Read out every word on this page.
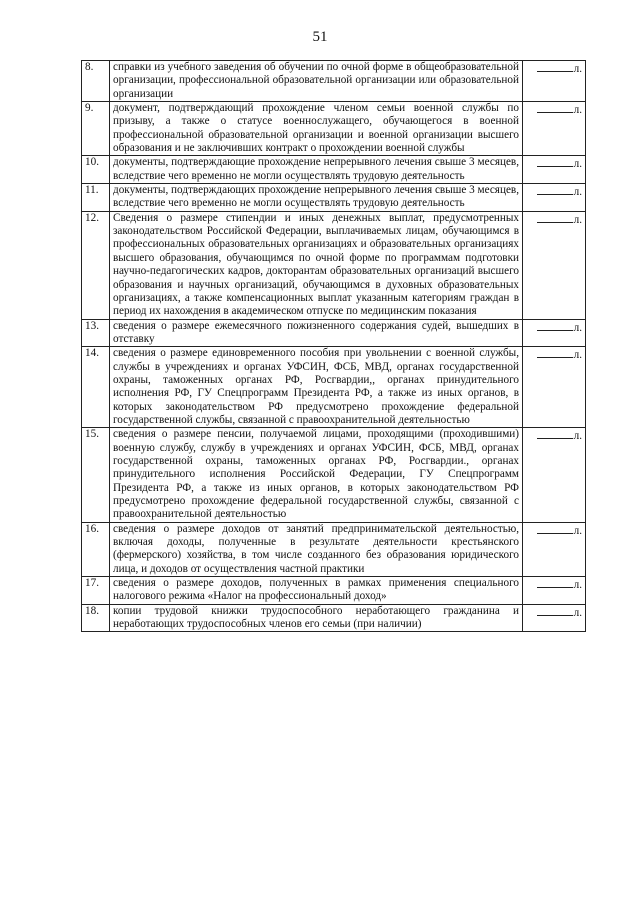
51
8.	справки из учебного заведения об обучении по очной форме в общеобразовательной организации, профессиональной образовательной организации или образовательной организации	л.
9.	документ, подтверждающий прохождение членом семьи военной службы по призыву, а также о статусе военнослужащего, обучающегося в военной профессиональной образовательной организации и военной организации высшего образования и не заключивших контракт о прохождении военной службы	л.
10.	документы, подтверждающие прохождение непрерывного лечения свыше 3 месяцев, вследствие чего временно не могли осуществлять трудовую деятельность	л.
11.	документы, подтверждающих прохождение непрерывного лечения свыше 3 месяцев, вследствие чего временно не могли осуществлять трудовую деятельность	л.
12.	Сведения о размере стипендии и иных денежных выплат, предусмотренных законодательством Российской Федерации, выплачиваемых лицам, обучающимся в профессиональных образовательных организациях и образовательных организациях высшего образования, обучающимся по очной форме по программам подготовки научно-педагогических кадров, докторантам образовательных организаций высшего образования и научных организаций, обучающимся в духовных образовательных организациях, а также компенсационных выплат указанным категориям граждан в период их нахождения в академическом отпуске по медицинским показания	л.
13.	сведения о размере ежемесячного пожизненного содержания судей, вышедших в отставку	л.
14.	сведения о размере единовременного пособия при увольнении с военной службы, службы в учреждениях и органах УФСИН, ФСБ, МВД, органах государственной охраны, таможенных органах РФ, Росгвардии,, органах принудительного исполнения РФ, ГУ Спецпрограмм Президента РФ, а также из иных органов, в которых законодательством РФ предусмотрено прохождение федеральной государственной службы, связанной с правоохранительной деятельностью	л.
15.	сведения о размере пенсии, получаемой лицами, проходящими (проходившими) военную службу, службу в учреждениях и органах УФСИН, ФСБ, МВД, органах государственной охраны, таможенных органах РФ, Росгвардии., органах принудительного исполнения Российской Федерации, ГУ Спецпрограмм Президента РФ, а также из иных органов, в которых законодательством РФ предусмотрено прохождение федеральной государственной службы, связанной с правоохранительной деятельностью	л.
16.	сведения о размере доходов от занятий предпринимательской деятельностью, включая доходы, полученные в результате деятельности крестьянского (фермерского) хозяйства, в том числе созданного без образования юридического лица, и доходов от осуществления частной практики	л.
17.	сведения о размере доходов, полученных в рамках применения специального налогового режима «Налог на профессиональный доход»	л.
18.	копии трудовой книжки трудоспособного неработающего гражданина и неработающих трудоспособных членов его семьи (при наличии)	л.
